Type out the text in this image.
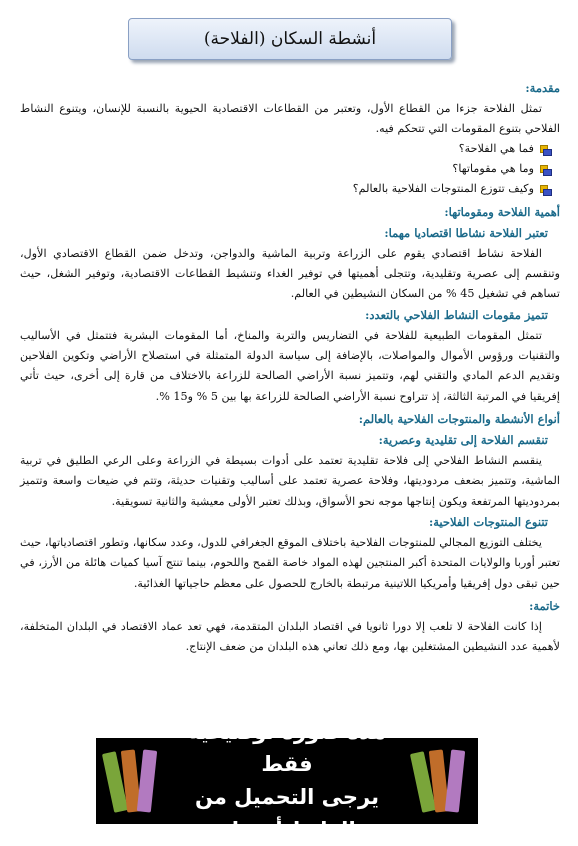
أنشطة السكان (الفلاحة)
مقدمة:

تمثل الفلاحة جزءا من القطاع الأول، وتعتبر من القطاعات الاقتصادية الحيوية بالنسبة للإنسان، ويتنوع النشاط الفلاحي بتنوع المقومات التي تتحكم فيه.

فما هي الفلاحة؟
وما هي مقوماتها؟
وكيف تتوزع المنتوجات الفلاحية بالعالم؟
أهمية الفلاحة ومقوماتها:
تعتبر الفلاحة نشاطا اقتصاديا مهما:

الفلاحة نشاط اقتصادي يقوم على الزراعة وتربية الماشية والدواجن، وتدخل ضمن القطاع الاقتصادي الأول، وتنقسم إلى عصرية وتقليدية، وتتجلى أهميتها في توفير الغداء وتنشيط القطاعات الاقتصادية، وتوفير الشغل، حيث تساهم في تشغيل 45 % من السكان النشيطين في العالم.

تتميز مقومات النشاط الفلاحي بالتعدد:

تتمثل المقومات الطبيعية للفلاحة في التضاريس والتربة والمناخ، أما المقومات البشرية فتتمثل في الأساليب والتقنيات ورؤوس الأموال والمواصلات، بالإضافة إلى سياسة الدولة المتمثلة في استصلاح الأراضي وتكوين الفلاحين وتقديم الدعم المادي والتقني لهم، وتتميز نسبة الأراضي الصالحة للزراعة بالاختلاف من قارة إلى أخرى، حيث تأتي إفريقيا في المرتبة الثالثة، إذ تتراوح نسبة الأراضي الصالحة للزراعة بها بين 5 % و15 %.

أنواع الأنشطة والمنتوجات الفلاحية بالعالم:
تنقسم الفلاحة إلى تقليدية وعصرية:

ينقسم النشاط الفلاحي إلى فلاحة تقليدية تعتمد على أدوات بسيطة في الزراعة وعلى الرعي الطليق في تربية الماشية، وتتميز بضعف مردوديتها، وفلاحة عصرية تعتمد على أساليب وتقنيات حديثة، وتتم في ضيعات واسعة وتتميز بمردوديتها المرتفعة ويكون إنتاجها موجه نحو الأسواق، وبذلك تعتبر الأولى معيشية والثانية تسويقية.

تتنوع المنتوجات الفلاحية:

يختلف التوزيع المجالي للمنتوجات الفلاحية باختلاف الموقع الجغرافي للدول، وعدد سكانها، وتطور اقتصادياتها، حيث تعتبر أوربا والولايات المتحدة أكبر المنتجين لهذه المواد خاصة القمح واللحوم، بينما تنتج آسيا كميات هائلة من الأرز، في حين تبقى دول إفريقيا وأمريكيا اللاتينية مرتبطة بالخارج للحصول على معظم حاجياتها الغذائية.

خاتمة:

إذا كانت الفلاحة لا تلعب إلا دورا ثانويا في اقتصاد البلدان المتقدمة، فهي تعد عماد الاقتصاد في البلدان المتخلفة، لأهمية عدد النشيطين المشتغلين بها، ومع ذلك تعاني هذه البلدان من ضعف الإنتاج.

هذه صورة توضيحية فقط
يرجى التحميل من الرابط أسفله
